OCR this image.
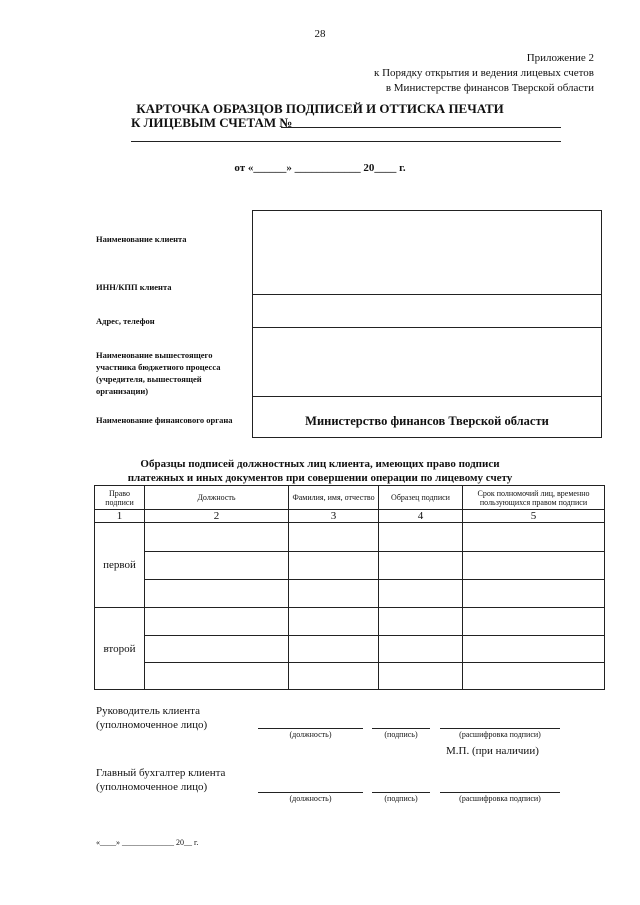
28
Приложение 2
к Порядку открытия и ведения лицевых счетов
в Министерстве финансов Тверской области
КАРТОЧКА ОБРАЗЦОВ ПОДПИСЕЙ И ОТТИСКА ПЕЧАТИ
К ЛИЦЕВЫМ СЧЕТАМ №
от «______» ____________ 20____ г.
Наименование клиента
ИНН/КПП клиента
Адрес, телефон
Наименование вышестоящего участника бюджетного процесса (учредителя, вышестоящей организации)
Наименование финансового органа	Министерство финансов Тверской области
Образцы подписей должностных лиц клиента, имеющих право подписи
платежных и иных документов при совершении операции по лицевому счету
Право подписи	Должность	Фамилия, имя, отчество	Образец подписи	Срок полномочий лиц, временно пользующихся правом подписи
1	2	3	4	5
первой				

второй				

Руководитель клиента
(уполномоченное лицо)
(должность)	(подпись)	(расшифровка подписи)
М.П. (при наличии)
Главный бухгалтер клиента
(уполномоченное лицо)
(должность)	(подпись)	(расшифровка подписи)
«____» _____________ 20__ г.
